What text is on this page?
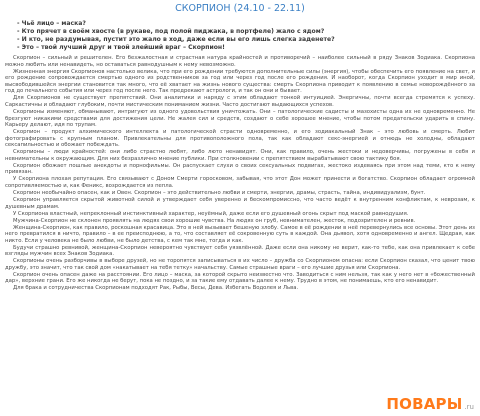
СКОРПИОН (24.10 - 22.11)
- Чьё лицо – маска?
- Кто прячет в своём хвосте (в рукаве, под полой пиджака, в портфеле) жало с ядом?
- И кто, не раздумывая, пустит это жало в ход, даже если вы его лишь слегка заденете?
- Это – твой лучший друг и твой злейший враг – Скорпион!

Скорпион – сильный и решителен. Его безжалостная и страстная натура крайностей и противоречий – наиболее сильный в ряду Знаков Зодиака. Скорпиона можно любить или ненавидеть, но оставаться равнодушным к нему невозможно.

Жизненная энергия Скорпионов настолько велика, что при его рождении требуются дополнительные силы (энергия), чтобы обеспечить его появление на свет, и его рождение сопровождается смертью одного из родственников за год или через год после его рождения. И наоборот, когда Скорпион уходит в мир иной, высвободившейся энергии становится так много, что её хватает на жизнь нового существа: смерть Скорпиона приводит к появлению в семье новорождённого за год до печального события или через год после него. Так предрекают астрологи, и так он они и бывает.

Для Скорпионов не существует препятствий. Они аналитики и наряду с этим обладают тонкой интуицией. Энергичны, почти всегда стремятся к успеху. Саркастичны и обладают глубоким, почти мистическим пониманием жизни. Часто достигают выдающихся успехов.

Скорпионы изменяют, обманывают, интригуют из одного удовольствия уничтожать. Они – патологические садисты и мазохисты одна их не одновременно. Не брезгуют никакими средствами для достижения цели. Не жалея сил и средств, создают о себе хорошее мнение, чтобы потом предательски ударить в спину. Карьеру делают, идя по трупам.

Скорпион – продукт алхимического интеллекта и патологической страсти одновременно, и его зодиакальный Знак – это любовь и смерть. Любит фотографировать с крупным планом. Привлекательны для противоположного пола, так как обладают секс-энергией и отнюдь не холодны, обладают сексапильностью и обожает побеждать.

Скорпионы – люди крайностей: они либо страстно любят, либо люто ненавидят. Они, как правило, очень жестоки и недоверчивы, погружены в себя и невнимательны к окружающим. Для них безразлично мнение публики. При столкновении с препятствием вырабатывают свою тактику боя.

Скорпион обожает пошлые анекдоты и порнофильмы. Он распускает слухи о своих сексуальных подвигах, жестоко издеваясь при этом над теми, кто к нему привязан.

У Скорпиона плохая репутация. Его связывают с Доном Смерти горосковом, забывая, что этот Дон может принести и богатство. Скорпион обладает огромной сопротивляемостью и, как Феникс, возрождается из пепла.

Скорпион необычайно опасен, как и Овен. Скорпион – это действительно любви и смерти, энергии, драмы, страсть, тайна, индивидуализм, бунт.

Скорпион управляется скрытой животной силой и утверждает себя уверенно и бескомпромиссно, что часто ведёт к внутренним конфликтам, к неврозам, к душевным драмам.

У Скорпиона властный, непреклонный инстинктивный характер, неуёмный, даже если его душевный огонь скрыт под маской равнодушия.

Мужчина-Скорпион не склонен проявлять на людях свои хорошие чувства. На людях он груб, невнимателен, жесток, подозрителен и ревнив.

Женщина-Скорпион, как правило, роскошная красавица. Это в ней вызывает бешеную злобу. Самое в её рождении в неё перевернулись все основы. Этот день из него превратился в ничто, правило – в ее преисподнюю, а то, что составляет её сокровенную суть в каждой. Она дьявол, хотя одновременно и ангел. Щедрая, как никто. Если у человека не было любви, не было детства, с кем так мне, тогда и как.

Будучи страшно ревнивой, женщина-Скорпион невероятно чувствует себя уязвлённой. Даже если она никому не верит, как-то тебе, как она привлекает к себе взгляды мужчин всех Знаков Зодиака.

Скорпионы очень разборчивы в выборе друзей, но не торопятся записываться в их число – дружба со Скорпионом опасна: если Скорпион сказал, что ценит твою дружбу, это значит, что так свой дом «накатывает на тебя тетку» начальству. Самые страшные враги – его лучшие друзья или Скорпиона.

Скорпион очень опасен даже на расстоянии. Его лицо – маска, за которой скрыто неизвестно что. Заводиться с ним нельзя, так как у него нет в «божественный дар», верхние грани. Его же никогда не берут, пока не поздно, и за такие ему отдавать далее к нему. Трудно в этом, не понимаешь, кто его ненавидит.

Для брака и сотрудничества Скорпионам подходят Рак, Рыбы, Весы, Дева. Избегать Водолея и Льва.

ПОВАРЫ .ru
